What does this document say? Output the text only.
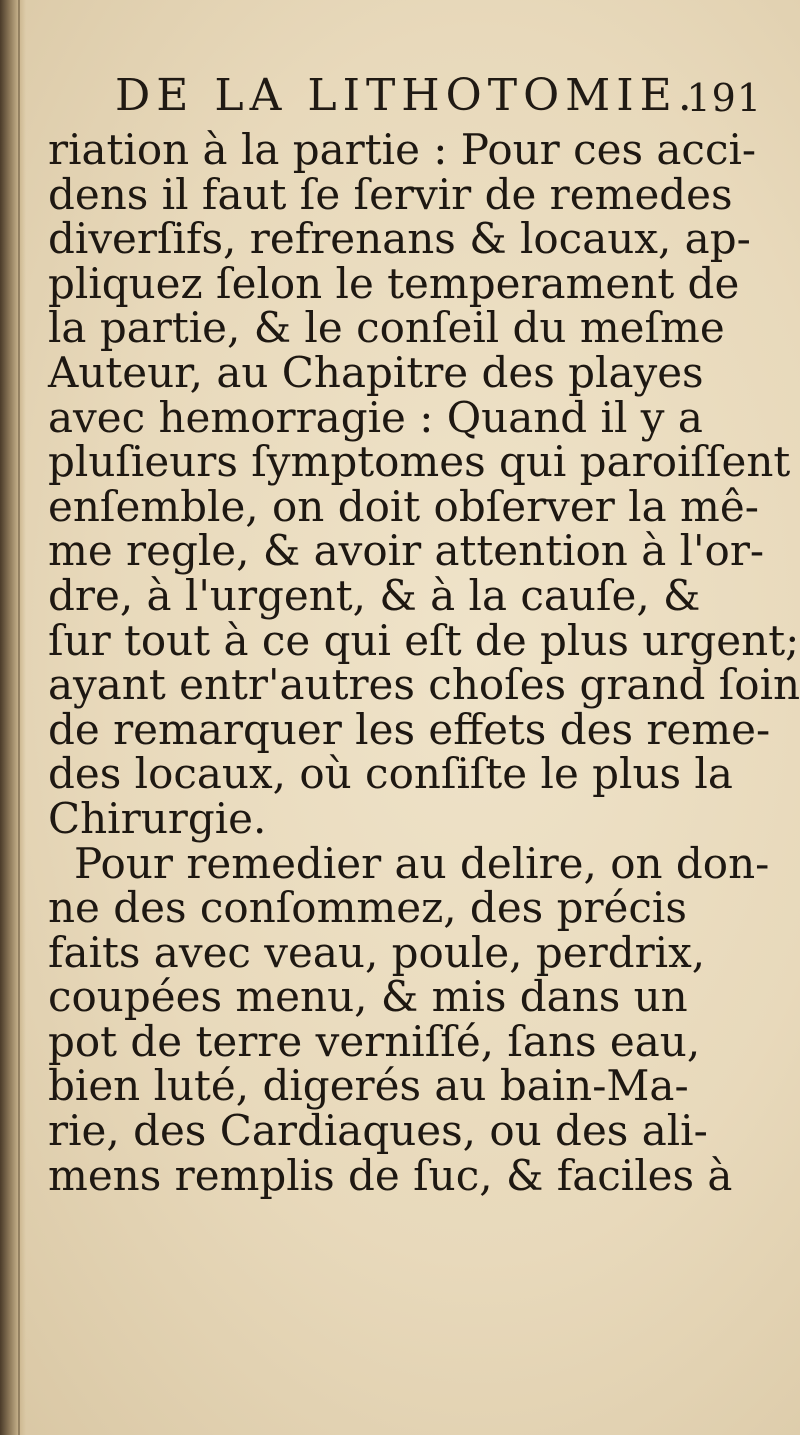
DE LA LITHOTOMIE.
191
riation à la partie : Pour ces acci-
dens il faut ſe ſervir de remedes
diverſifs, refrenans & locaux, ap-
pliquez ſelon le temperament de
la partie, & le conſeil du meſme
Auteur, au Chapitre des playes
avec hemorragie : Quand il y a
pluſieurs ſymptomes qui paroiſſent
enſemble, on doit obſerver la mê-
me regle, & avoir attention à l'or-
dre, à l'urgent, & à la cauſe, &
ſur tout à ce qui eſt de plus urgent;
ayant entr'autres choſes grand ſoin
de remarquer les effets des reme-
des locaux, où conſiſte le plus la
Chirurgie.
Pour remedier au delire, on don-
ne des conſommez, des précis
faits avec veau, poule, perdrix,
coupées menu, & mis dans un
pot de terre verniſſé, ſans eau,
bien luté, digerés au bain-Ma-
rie, des Cardiaques, ou des ali-
mens remplis de ſuc, & faciles à
